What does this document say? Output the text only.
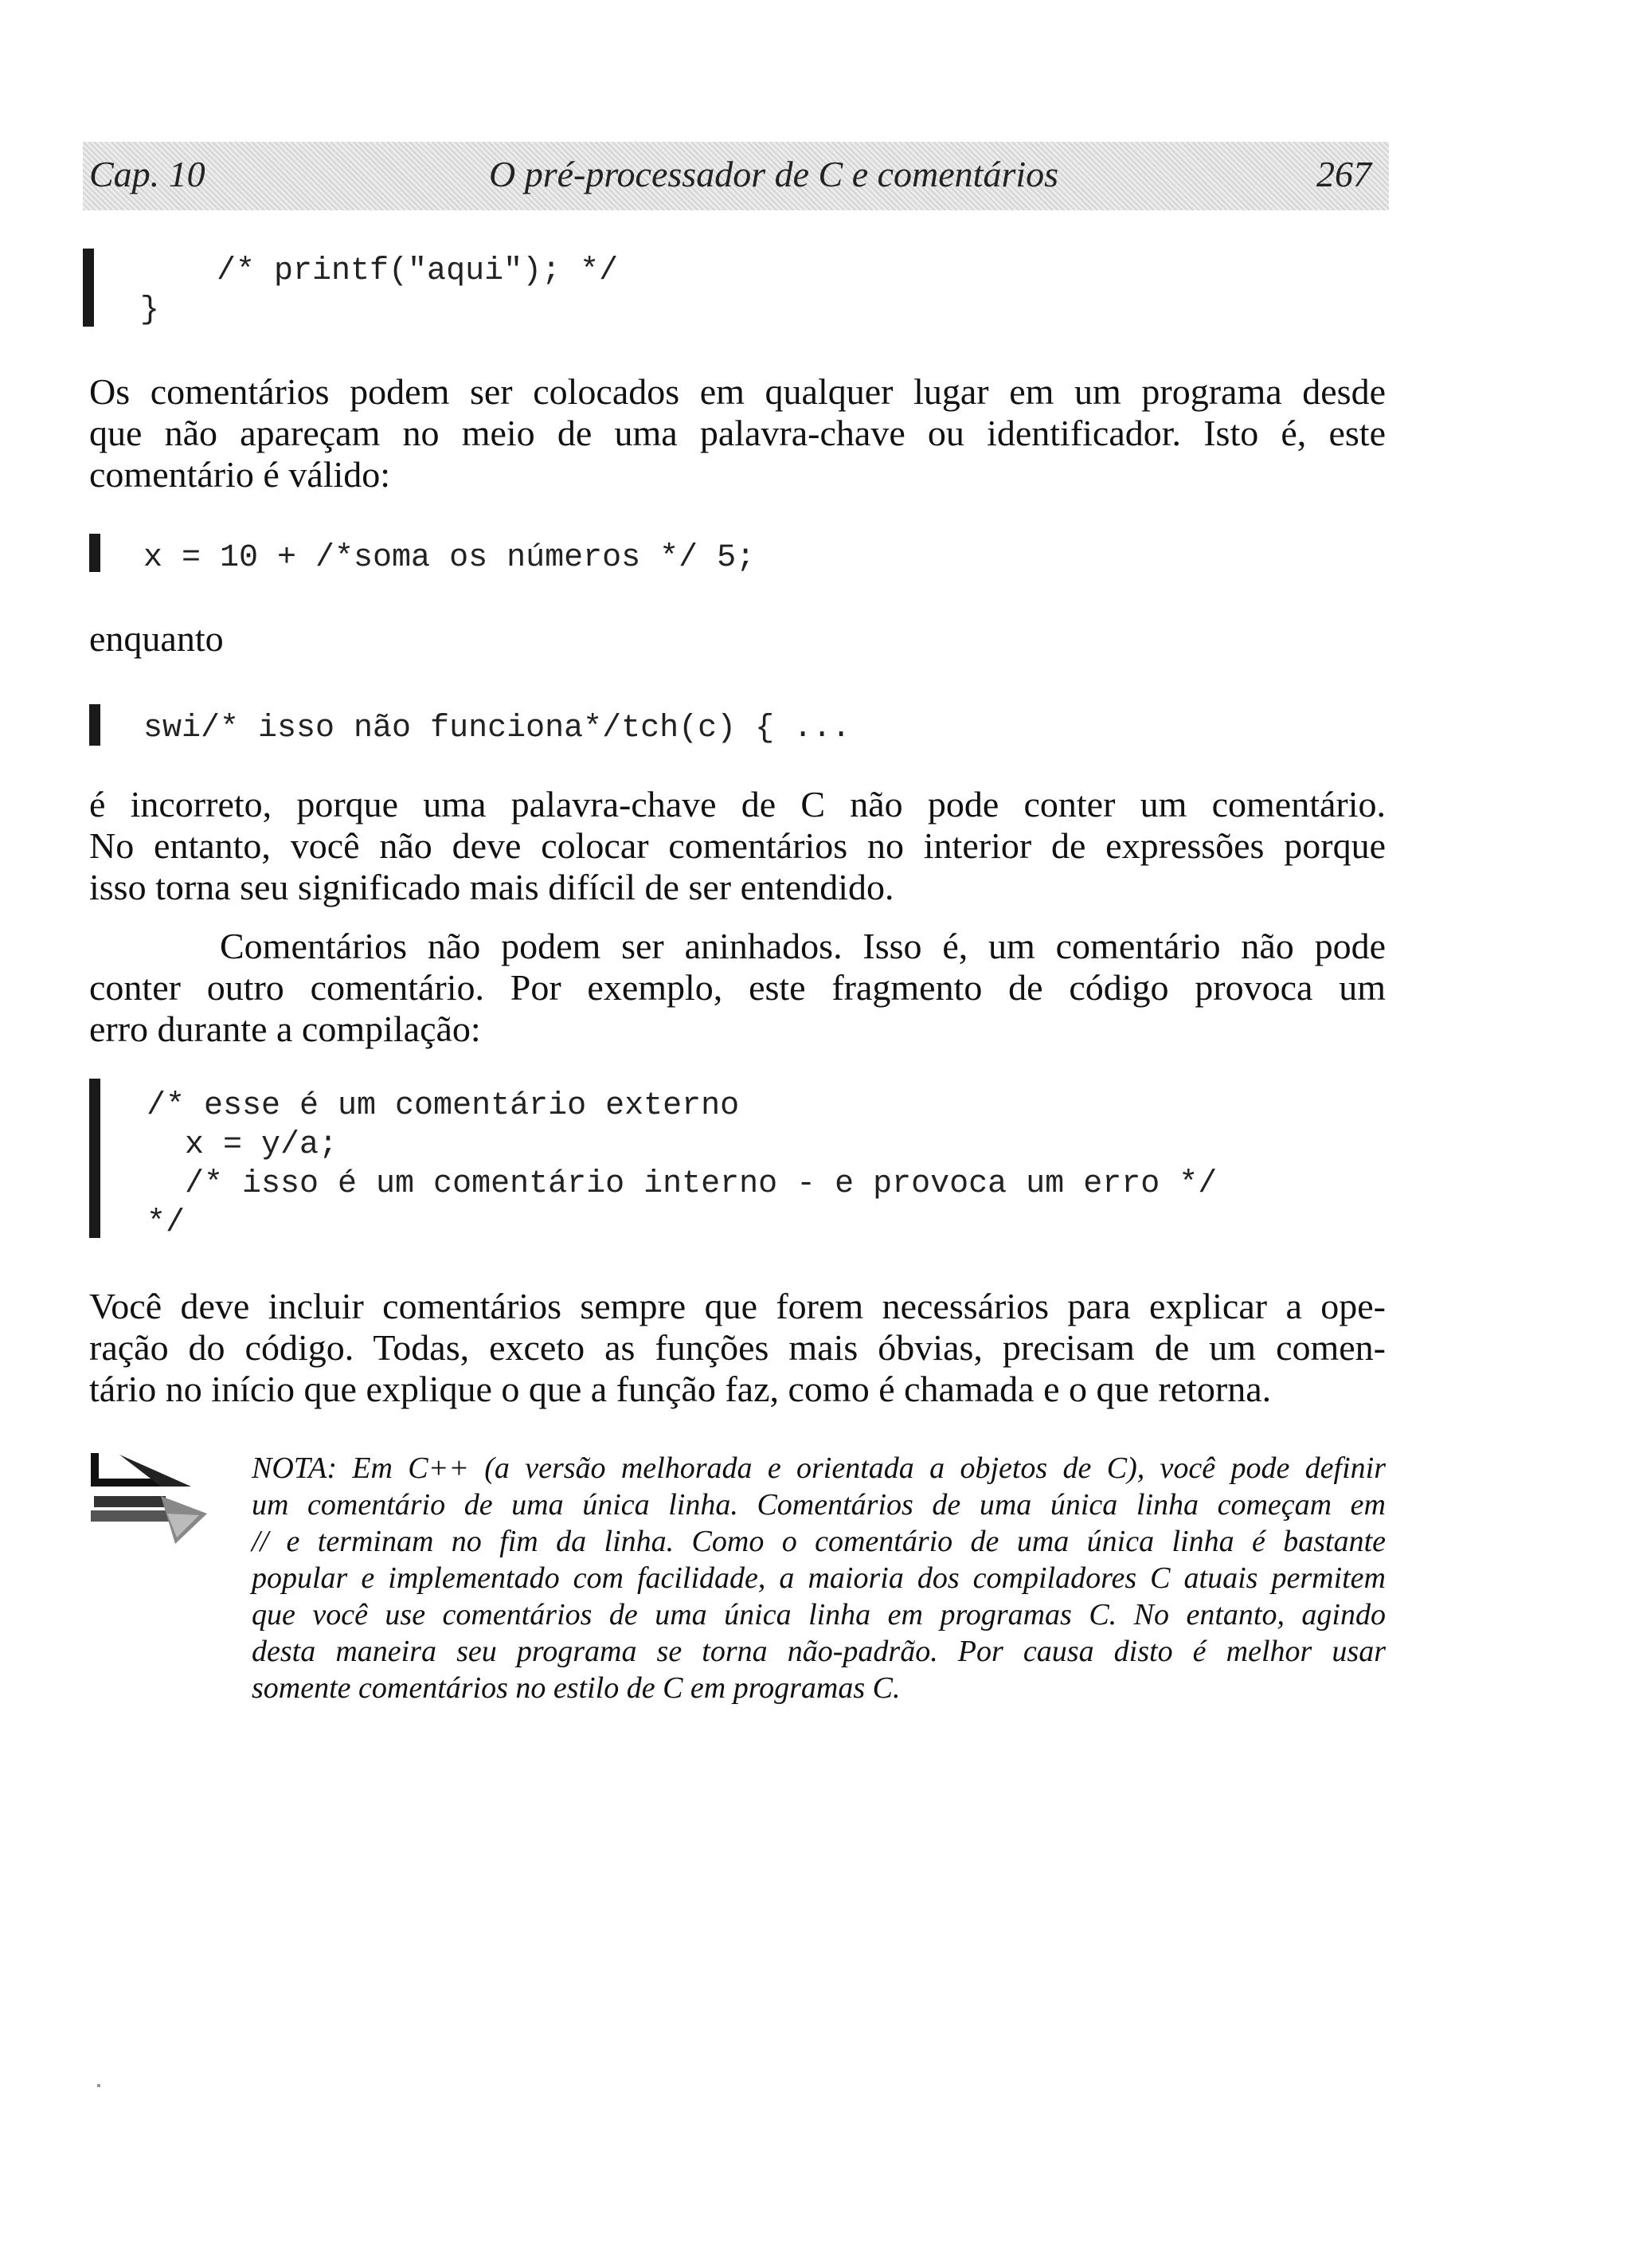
Cap. 10	O pré-processador de C e comentários	267
/* printf("aqui"); */
}

Os comentários podem ser colocados em qualquer lugar em um programa desde
que não apareçam no meio de uma palavra-chave ou identificador. Isto é, este
comentário é válido:

x = 10 + /*soma os números */ 5;

enquanto

swi/* isso não funciona*/tch(c) { ...

é incorreto, porque uma palavra-chave de C não pode conter um comentário.
No entanto, você não deve colocar comentários no interior de expressões porque
isso torna seu significado mais difícil de ser entendido.

Comentários não podem ser aninhados. Isso é, um comentário não pode
conter outro comentário. Por exemplo, este fragmento de código provoca um
erro durante a compilação:

/* esse é um comentário externo
x = y/a;
/* isso é um comentário interno - e provoca um erro */
*/

Você deve incluir comentários sempre que forem necessários para explicar a ope-
ração do código. Todas, exceto as funções mais óbvias, precisam de um comen-
tário no início que explique o que a função faz, como é chamada e o que retorna.

NOTA: Em C++ (a versão melhorada e orientada a objetos de C), você pode definir
um comentário de uma única linha. Comentários de uma única linha começam em
// e terminam no fim da linha. Como o comentário de uma única linha é bastante
popular e implementado com facilidade, a maioria dos compiladores C atuais permitem
que você use comentários de uma única linha em programas C. No entanto, agindo
desta maneira seu programa se torna não-padrão. Por causa disto é melhor usar
somente comentários no estilo de C em programas C.
